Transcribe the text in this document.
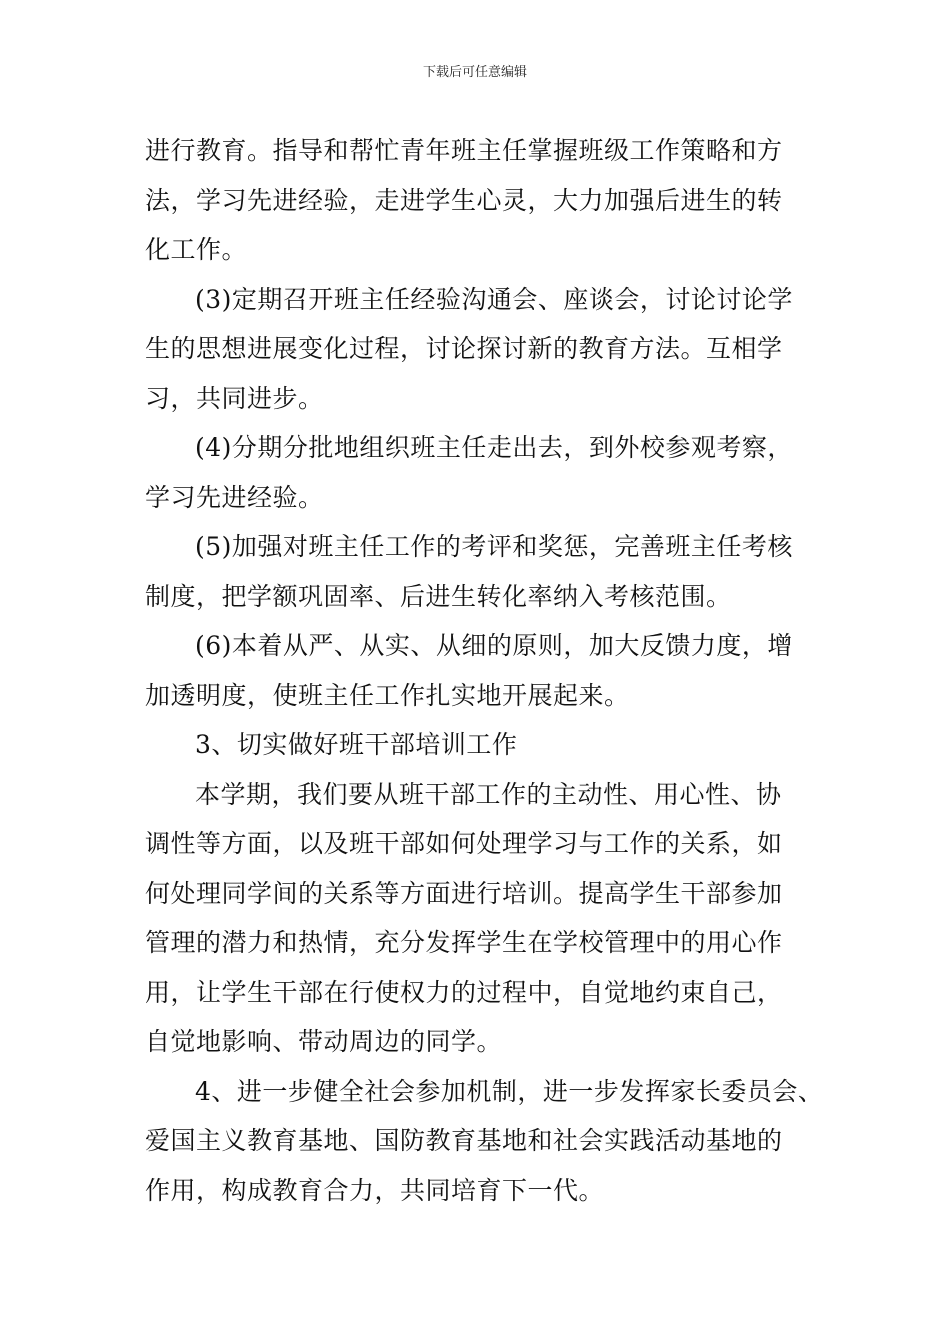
下载后可任意编辑
进行教育。指导和帮忙青年班主任掌握班级工作策略和方
法，学习先进经验，走进学生心灵，大力加强后进生的转
化工作。
(3)定期召开班主任经验沟通会、座谈会，讨论讨论学
生的思想进展变化过程，讨论探讨新的教育方法。互相学
习，共同进步。
(4)分期分批地组织班主任走出去，到外校参观考察，
学习先进经验。
(5)加强对班主任工作的考评和奖惩，完善班主任考核
制度，把学额巩固率、后进生转化率纳入考核范围。
(6)本着从严、从实、从细的原则，加大反馈力度，增
加透明度，使班主任工作扎实地开展起来。
3、切实做好班干部培训工作
本学期，我们要从班干部工作的主动性、用心性、协
调性等方面，以及班干部如何处理学习与工作的关系，如
何处理同学间的关系等方面进行培训。提高学生干部参加
管理的潜力和热情，充分发挥学生在学校管理中的用心作
用，让学生干部在行使权力的过程中，自觉地约束自己，
自觉地影响、带动周边的同学。
4、进一步健全社会参加机制，进一步发挥家长委员会、
爱国主义教育基地、国防教育基地和社会实践活动基地的
作用，构成教育合力，共同培育下一代。
